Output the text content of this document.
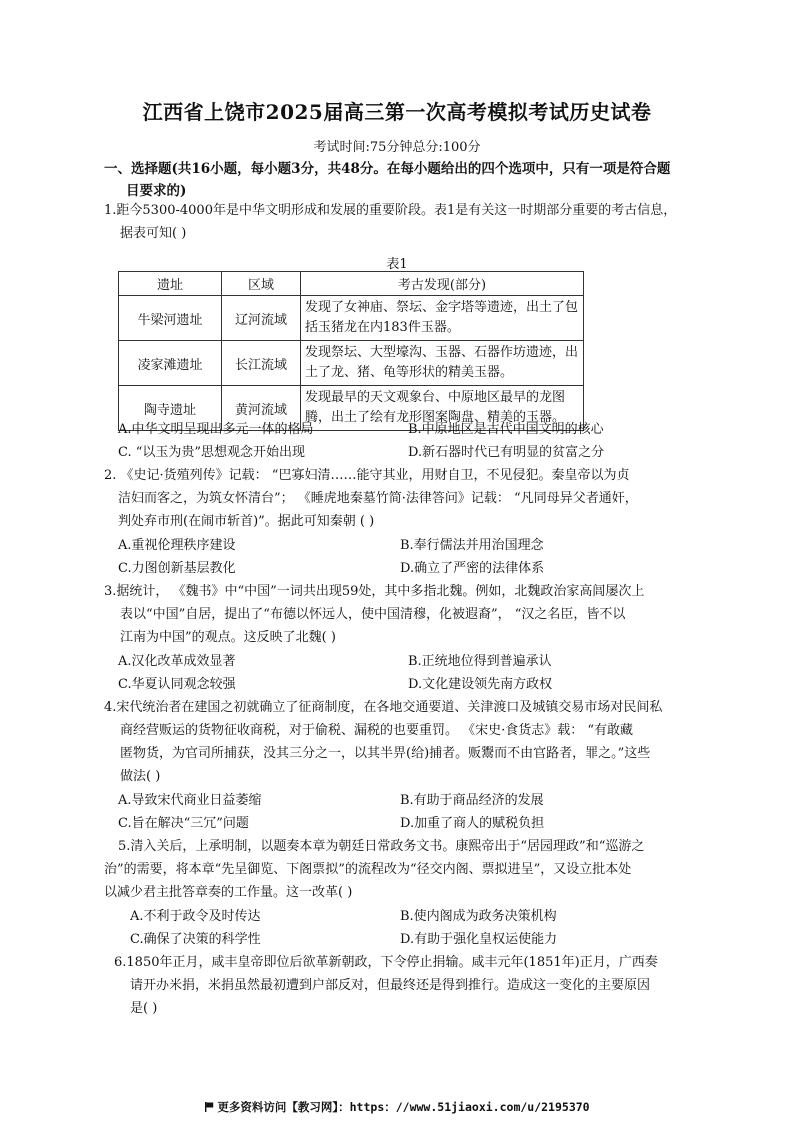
江西省上饶市2025届高三第一次高考模拟考试历史试卷
考试时间:75分钟总分:100分
一、选择题(共16小题，每小题3分，共48分。在每小题给出的四个选项中，只有一项是符合题
目要求的)
1.距今5300-4000年是中华文明形成和发展的重要阶段。表1是有关这一时期部分重要的考古信息，
据表可知( )
表1
遗址	区域	考古发现(部分)
牛梁河遗址	辽河流域	发现了女神庙、祭坛、金字塔等遗迹，出土了包括玉猪龙在内183件玉器。
凌家滩遗址	长江流域	发现祭坛、大型壕沟、玉器、石器作坊遗迹，出土了龙、猪、龟等形状的精美玉器。
陶寺遗址	黄河流域	发现最早的天文观象台、中原地区最早的龙图腾，出土了绘有龙形图案陶盘、精美的玉器。
A.中华文明呈现出多元一体的格局	B.中原地区是古代中国文明的核心
C. “以玉为贵”思想观念开始出现	D.新石器时代已有明显的贫富之分
2. 《史记·货殖列传》记载： “巴寡妇清……能守其业，用财自卫，不见侵犯。秦皇帝以为贞

洁妇而客之，为筑女怀清台”； 《睡虎地秦墓竹简·法律答问》记载： “凡同母异父者通奸，
判处弃市刑(在闹市斩首)”。据此可知秦朝 ( )
A.重视伦理秩序建设	B.奉行儒法并用治国理念
C.力图创新基层教化	D.确立了严密的法律体系
3.据统计， 《魏书》中“中国”一词共出现59处，其中多指北魏。例如，北魏政治家高闾屡次上
表以“中国”自居，提出了“布德以怀远人，使中国清穆，化被遐裔”， “汉之名臣，皆不以
江南为中国”的观点。这反映了北魏( )
A.汉化改革成效显著	B.正统地位得到普遍承认
C.华夏认同观念较强	D.文化建设领先南方政权
4.宋代统治者在建国之初就确立了征商制度，在各地交通要道、关津渡口及城镇交易市场对民间私
商经营贩运的货物征收商税，对于偷税、漏税的也要重罚。 《宋史·食货志》载： “有敢藏
匿物货，为官司所捕获，没其三分之一，以其半畀(给)捕者。贩鬻而不由官路者，罪之。”这些
做法( )
A.导致宋代商业日益萎缩	B.有助于商品经济的发展
C.旨在解决“三冗”问题	D.加重了商人的赋税负担
5.清入关后，上承明制，以题奏本章为朝廷日常政务文书。康熙帝出于“居园理政”和“巡游之

治”的需要，将本章“先呈御览、下阁票拟”的流程改为“径交内阁、票拟进呈”，又设立批本处
以减少君主批答章奏的工作量。这一改革( )
A.不利于政令及时传达	B.使内阁成为政务决策机构
C.确保了决策的科学性	D.有助于强化皇权运使能力
6.1850年正月，咸丰皇帝即位后欲革新朝政，下令停止捐输。咸丰元年(1851年)正月，广西奏
请开办米捐，米捐虽然最初遭到户部反对，但最终还是得到推行。造成这一变化的主要原因
是( )
更多资料访问【教习网】：https：//www.51jiaoxi.com/u/2195370
